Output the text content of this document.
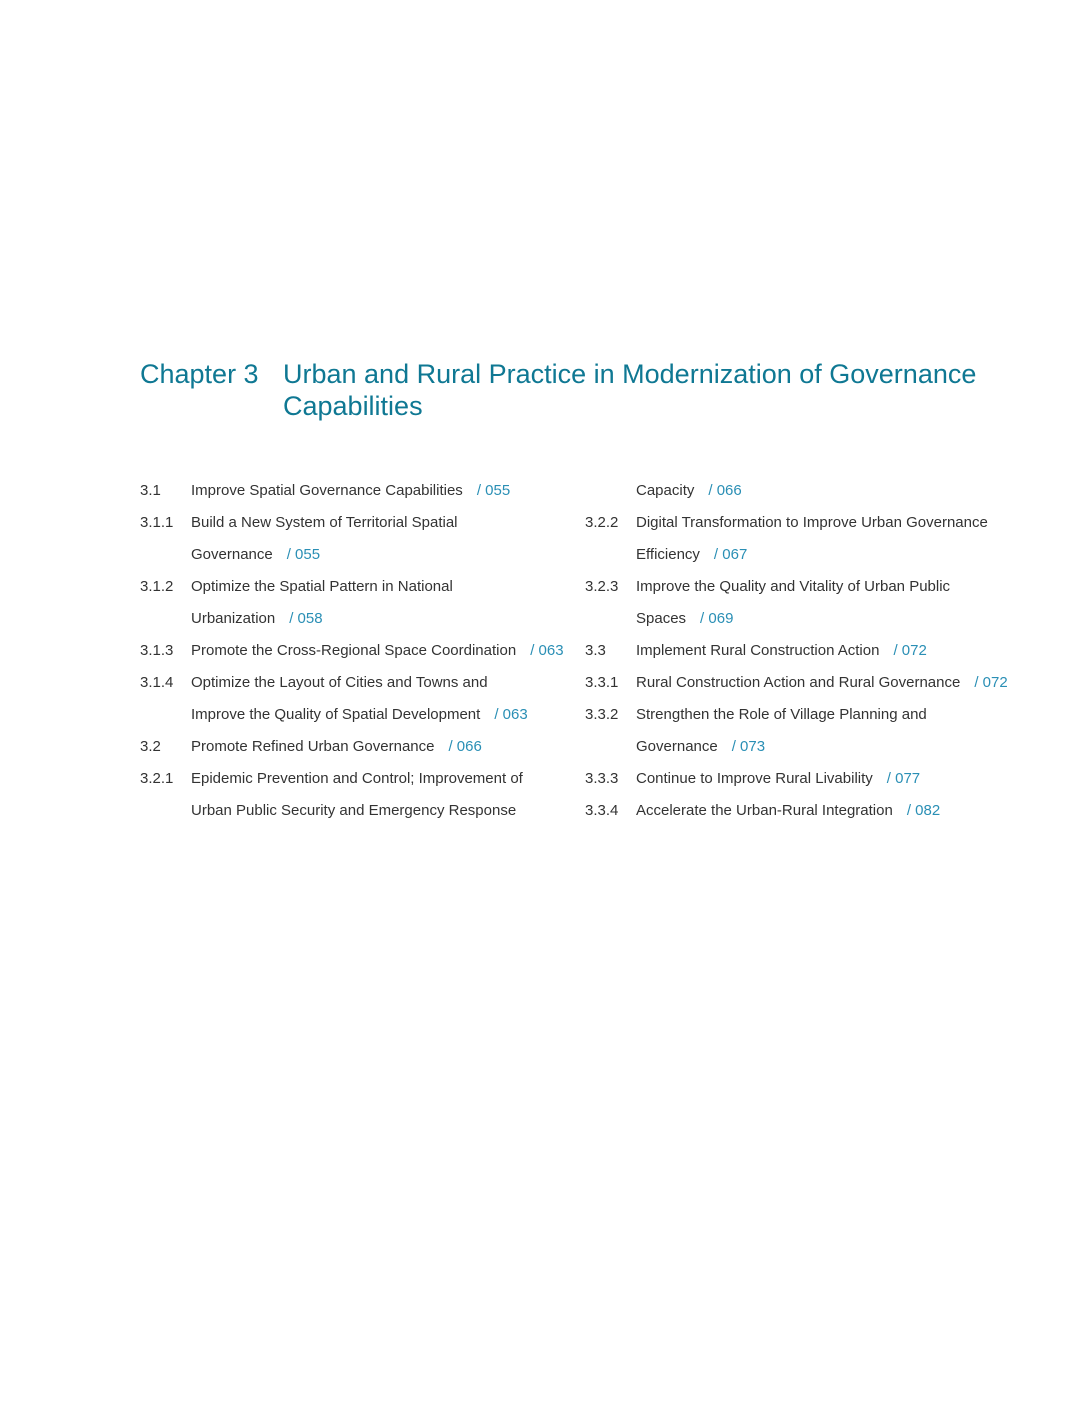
Chapter 3 Urban and Rural Practice in Modernization of Governance
Capabilities
3.1	Improve Spatial Governance Capabilities / 055
3.1.1	Build a New System of Territorial Spatial
Governance / 055
3.1.2	Optimize the Spatial Pattern in National
Urbanization / 058
3.1.3	Promote the Cross-Regional Space Coordination / 063
3.1.4	Optimize the Layout of Cities and Towns and
Improve the Quality of Spatial Development / 063
3.2	Promote Refined Urban Governance / 066
3.2.1	Epidemic Prevention and Control; Improvement of
Urban Public Security and Emergency Response
Capacity / 066
3.2.2	Digital Transformation to Improve Urban Governance
Efficiency / 067
3.2.3	Improve the Quality and Vitality of Urban Public
Spaces / 069
3.3	Implement Rural Construction Action / 072
3.3.1	Rural Construction Action and Rural Governance / 072
3.3.2	Strengthen the Role of Village Planning and
Governance / 073
3.3.3	Continue to Improve Rural Livability / 077
3.3.4	Accelerate the Urban-Rural Integration / 082
